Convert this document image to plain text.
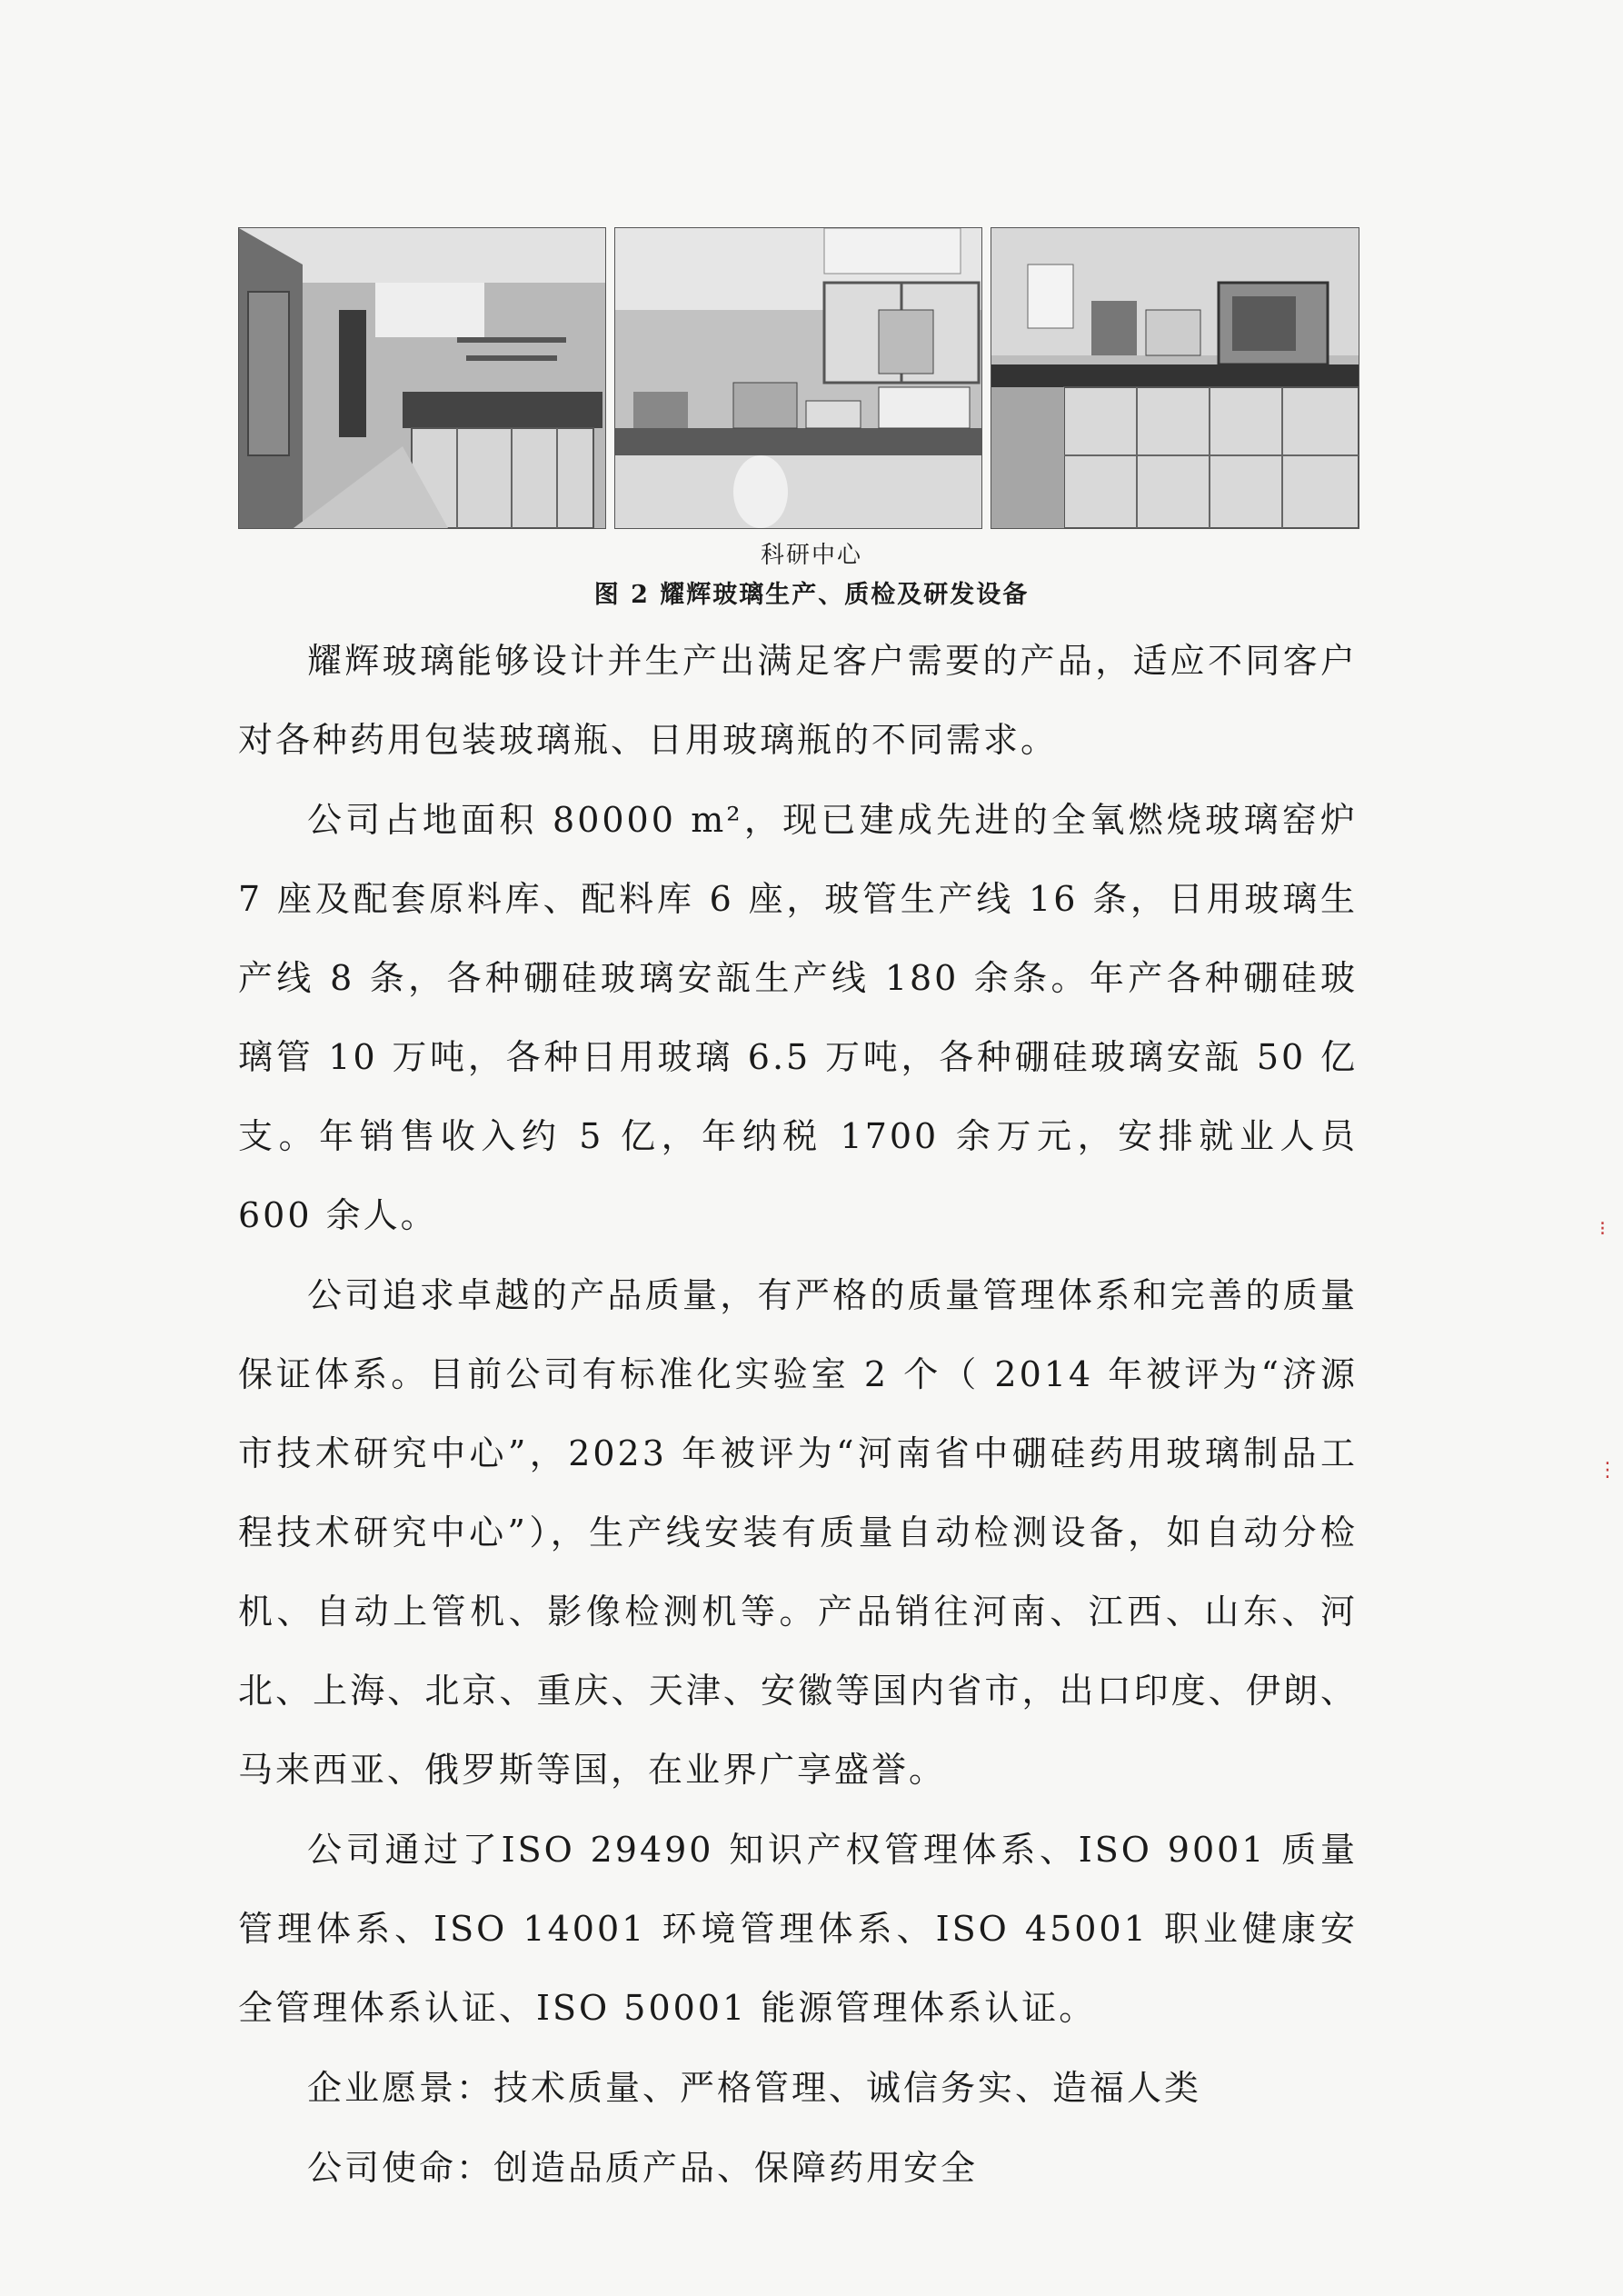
科研中心
图 2 耀辉玻璃生产、质检及研发设备

耀辉玻璃能够设计并生产出满足客户需要的产品，适应不同客户对各种药用包装玻璃瓶、日用玻璃瓶的不同需求。

公司占地面积 80000 m²，现已建成先进的全氧燃烧玻璃窑炉 7 座及配套原料库、配料库 6 座，玻管生产线 16 条，日用玻璃生产线 8 条，各种硼硅玻璃安瓿生产线 180 余条。年产各种硼硅玻璃管 10 万吨，各种日用玻璃 6.5 万吨，各种硼硅玻璃安瓿 50 亿支。年销售收入约 5 亿，年纳税 1700 余万元，安排就业人员 600 余人。

公司追求卓越的产品质量，有严格的质量管理体系和完善的质量保证体系。目前公司有标准化实验室 2 个（ 2014 年被评为“济源市技术研究中心”，2023 年被评为“河南省中硼硅药用玻璃制品工程技术研究中心”），生产线安装有质量自动检测设备，如自动分检机、自动上管机、影像检测机等。产品销往河南、江西、山东、河北、上海、北京、重庆、天津、安徽等国内省市，出口印度、伊朗、马来西亚、俄罗斯等国，在业界广享盛誉。

公司通过了ISO 29490 知识产权管理体系、ISO 9001 质量管理体系、ISO 14001 环境管理体系、ISO 45001 职业健康安全管理体系认证、ISO 50001 能源管理体系认证。

企业愿景：技术质量、严格管理、诚信务实、造福人类

公司使命：创造品质产品、保障药用安全

⁝
⋮
